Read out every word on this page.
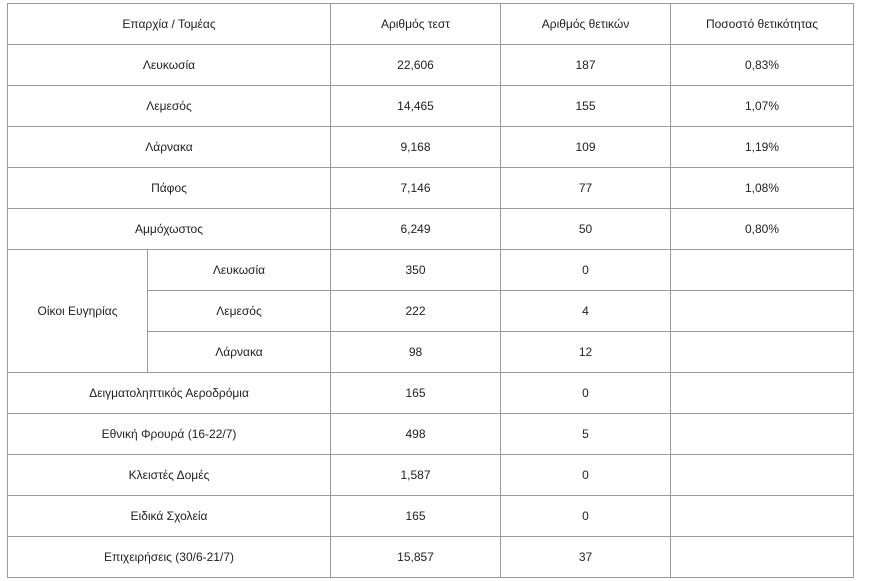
Επαρχία / Τομέας		Αριθμός τεστ	Αριθμός θετικών	Ποσοστό θετικότητας
Λευκωσία		22,606	187	0,83%
Λεμεσός		14,465	155	1,07%
Λάρνακα		9,168	109	1,19%
Πάφος		7,146	77	1,08%
Αμμόχωστος		6,249	50	0,80%
Οίκοι Ευγηρίας	Λευκωσία	350	0	
	Λεμεσός	222	4	
	Λάρνακα	98	12	
Δειγματοληπτικός Αεροδρόμια		165	0	
Εθνική Φρουρά (16-22/7)		498	5	
Κλειστές Δομές		1,587	0	
Ειδικά Σχολεία		165	0	
Επιχειρήσεις (30/6-21/7)		15,857	37	
